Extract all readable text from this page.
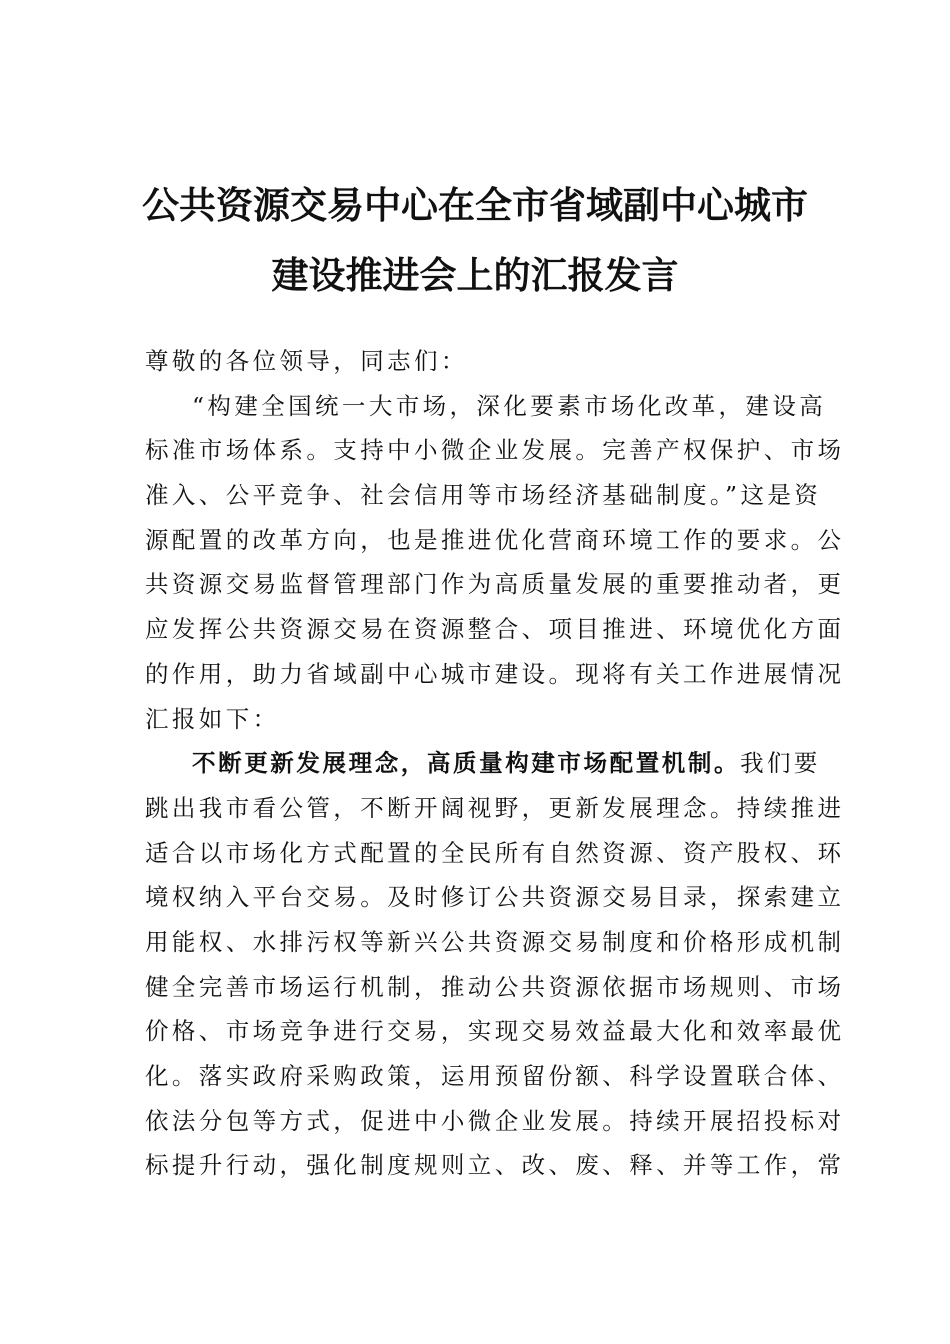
公共资源交易中心在全市省域副中心城市
建设推进会上的汇报发言
尊敬的各位领导，同志们：
“构建全国统一大市场，深化要素市场化改革，建设高
标准市场体系。支持中小微企业发展。完善产权保护、市场
准入、公平竞争、社会信用等市场经济基础制度。”这是资
源配置的改革方向，也是推进优化营商环境工作的要求。公
共资源交易监督管理部门作为高质量发展的重要推动者，更
应发挥公共资源交易在资源整合、项目推进、环境优化方面
的作用，助力省域副中心城市建设。现将有关工作进展情况
汇报如下：
不断更新发展理念，高质量构建市场配置机制。我们要
跳出我市看公管，不断开阔视野，更新发展理念。持续推进
适合以市场化方式配置的全民所有自然资源、资产股权、环
境权纳入平台交易。及时修订公共资源交易目录，探索建立
用能权、水排污权等新兴公共资源交易制度和价格形成机制
健全完善市场运行机制，推动公共资源依据市场规则、市场
价格、市场竞争进行交易，实现交易效益最大化和效率最优
化。落实政府采购政策，运用预留份额、科学设置联合体、
依法分包等方式，促进中小微企业发展。持续开展招投标对
标提升行动，强化制度规则立、改、废、释、并等工作，常
